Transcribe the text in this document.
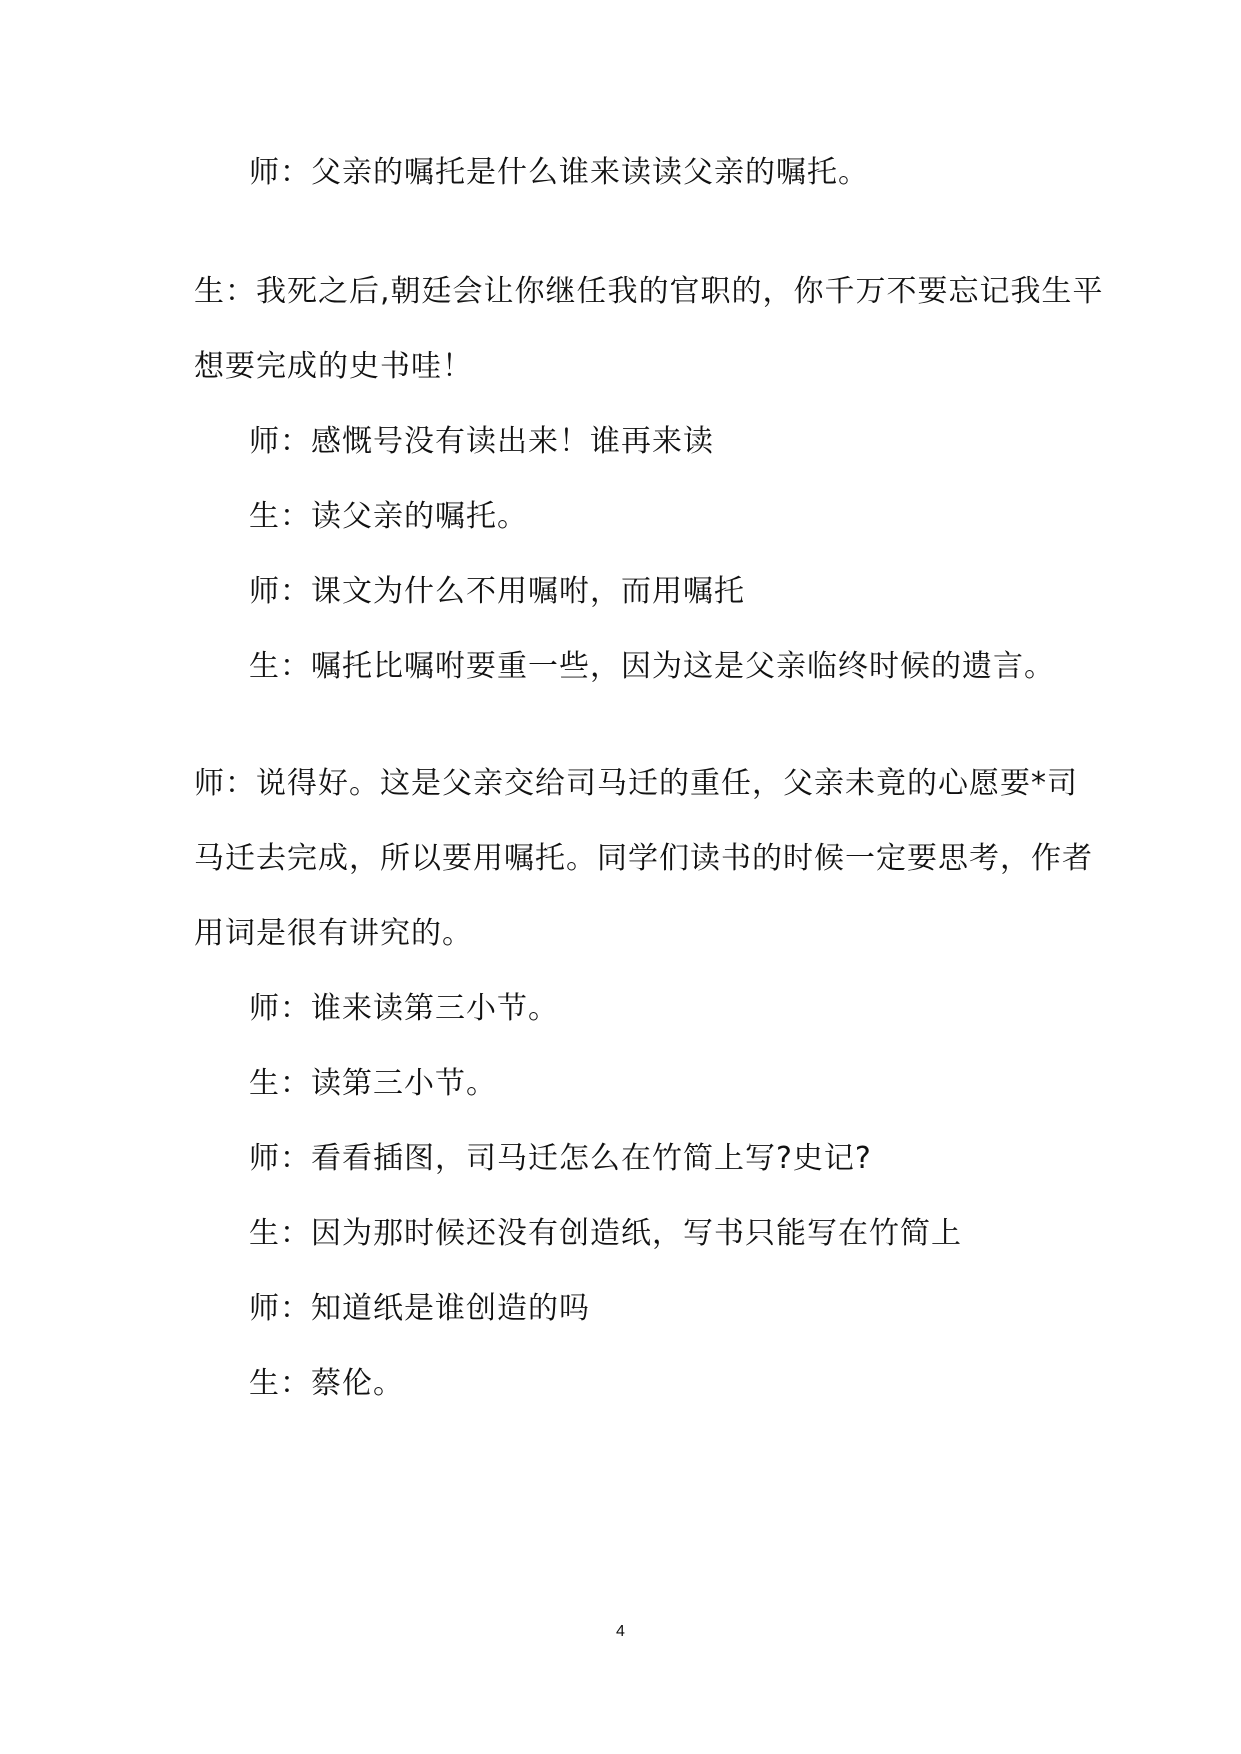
师：父亲的嘱托是什么谁来读读父亲的嘱托。
生：我死之后,朝廷会让你继任我的官职的，你千万不要忘记我生平
想要完成的史书哇！
师：感慨号没有读出来！谁再来读
生：读父亲的嘱托。
师：课文为什么不用嘱咐，而用嘱托
生：嘱托比嘱咐要重一些，因为这是父亲临终时候的遗言。
师：说得好。这是父亲交给司马迁的重任，父亲未竟的心愿要*司
马迁去完成，所以要用嘱托。同学们读书的时候一定要思考，作者
用词是很有讲究的。
师：谁来读第三小节。
生：读第三小节。
师：看看插图，司马迁怎么在竹简上写?史记?
生：因为那时候还没有创造纸，写书只能写在竹简上
师：知道纸是谁创造的吗
生：蔡伦。
4
